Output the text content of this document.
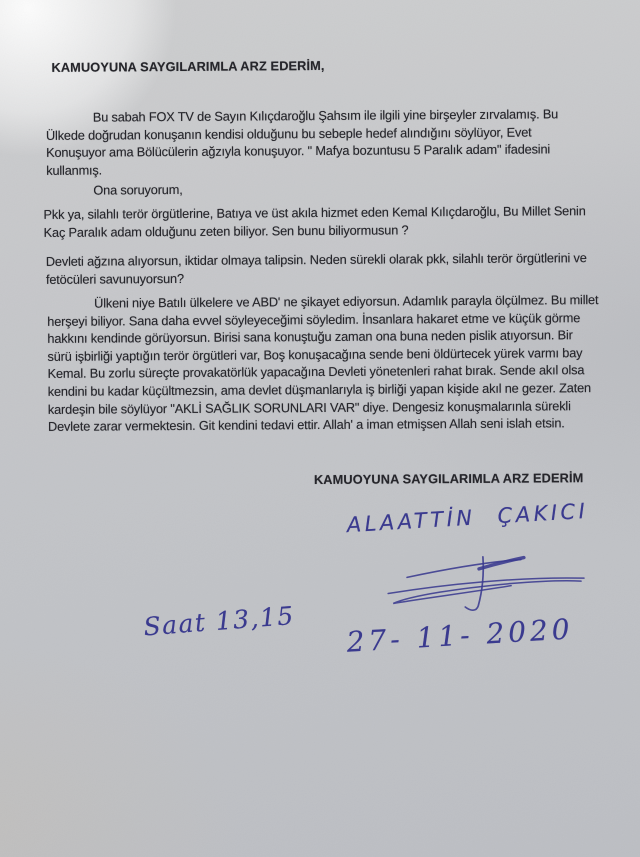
KAMUOYUNA SAYGILARIMLA ARZ EDERİM,

Bu sabah FOX TV de Sayın Kılıçdaroğlu Şahsım ile ilgili yine birşeyler zırvalamış. Bu Ülkede doğrudan konuşanın kendisi olduğunu bu sebeple hedef alındığını söylüyor, Evet Konuşuyor ama Bölücülerin ağzıyla konuşuyor. " Mafya bozuntusu 5 Paralık adam" ifadesini kullanmış.

Ona soruyorum,

Pkk ya, silahlı terör örgütlerine, Batıya ve üst akıla hizmet eden Kemal Kılıçdaroğlu, Bu Millet Senin Kaç Paralık adam olduğunu zeten biliyor. Sen bunu biliyormusun ?

Devleti ağzına alıyorsun, iktidar olmaya talipsin. Neden sürekli olarak pkk, silahlı terör örgütlerini ve fetöcüleri savunuyorsun?

Ülkeni niye Batılı ülkelere ve ABD' ne şikayet ediyorsun. Adamlık parayla ölçülmez. Bu millet herşeyi biliyor. Sana daha evvel söyleyeceğimi söyledim. İnsanlara hakaret etme ve küçük görme hakkını kendinde görüyorsun. Birisi sana konuştuğu zaman ona buna neden pislik atıyorsun. Bir sürü işbirliği yaptığın terör örgütleri var, Boş konuşacağına sende beni öldürtecek yürek varmı bay Kemal. Bu zorlu süreçte provakatörlük yapacağına Devleti yönetenleri rahat bırak. Sende akıl olsa kendini bu kadar küçültmezsin, ama devlet düşmanlarıyla iş birliği yapan kişide akıl ne gezer. Zaten kardeşin bile söylüyor "AKLİ SAĞLIK SORUNLARI VAR" diye. Dengesiz konuşmalarınla sürekli Devlete zarar vermektesin. Git kendini tedavi ettir. Allah' a iman etmişsen Allah seni islah etsin.

KAMUOYUNA SAYGILARIMLA ARZ EDERİM

ALAATTİN ÇAKICI
Saat 13,15 27- 11- 2020
